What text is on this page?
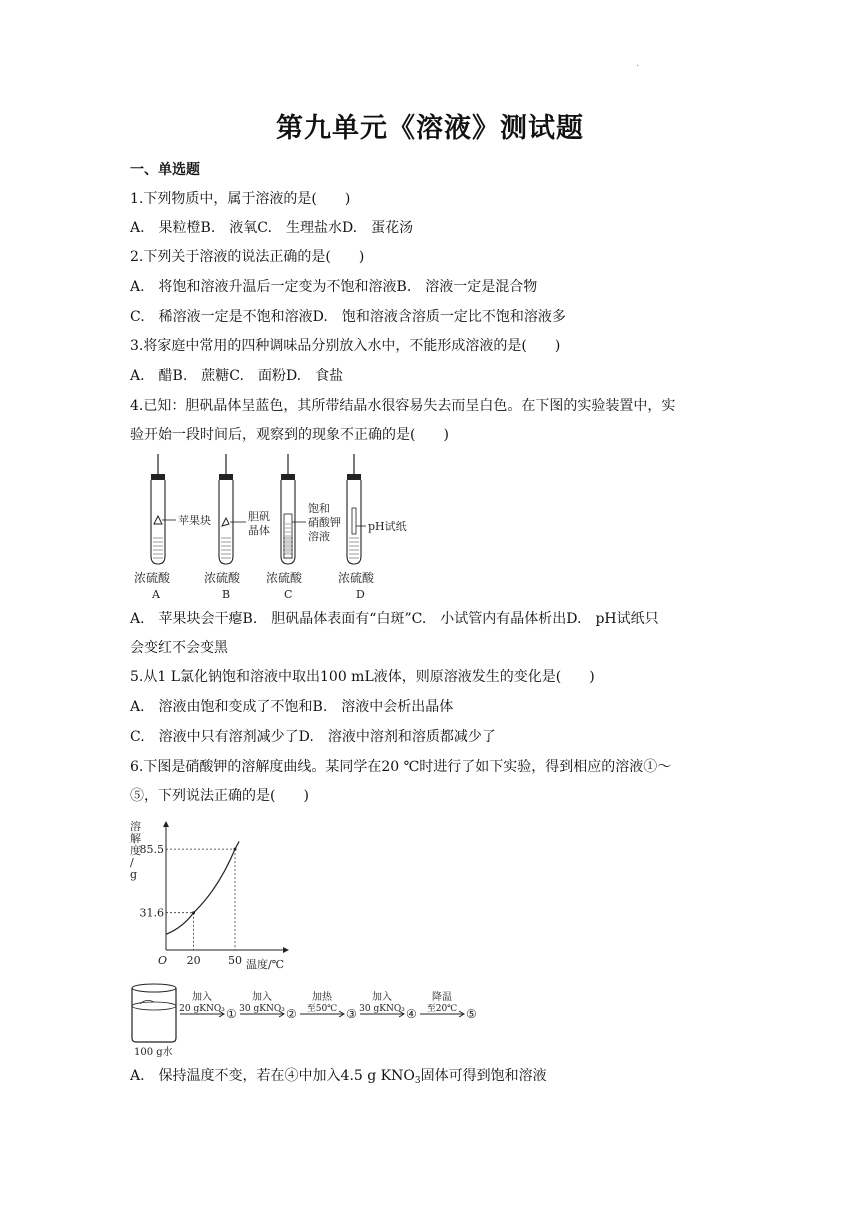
.
第九单元《溶液》测试题
一、单选题
1.下列物质中，属于溶液的是(　　)
A.　果粒橙B.　液氧C.　生理盐水D.　蛋花汤
2.下列关于溶液的说法正确的是(　　)
A.　将饱和溶液升温后一定变为不饱和溶液B.　溶液一定是混合物
C.　稀溶液一定是不饱和溶液D.　饱和溶液含溶质一定比不饱和溶液多
3.将家庭中常用的四种调味品分别放入水中，不能形成溶液的是(　　)
A.　醋B.　蔗糖C.　面粉D.　食盐
4.已知：胆矾晶体呈蓝色，其所带结晶水很容易失去而呈白色。在下图的实验装置中，实
验开始一段时间后，观察到的现象不正确的是(　　)
苹果块	胆矾
晶体
饱和
硝酸钾
溶液
pH试纸
浓硫酸	浓硫酸 浓硫酸	浓硫酸
A	B	C	D
A.　苹果块会干瘪B.　胆矾晶体表面有“白斑”C.　小试管内有晶体析出D.　pH试纸只
会变红不会变黑
5.从1 L氯化钠饱和溶液中取出100 mL液体，则原溶液发生的变化是(　　)
A.　溶液由饱和变成了不饱和B.　溶液中会析出晶体
C.　溶液中只有溶剂减少了D.　溶液中溶剂和溶质都减少了
6.下图是硝酸钾的溶解度曲线。某同学在20 ℃时进行了如下实验，得到相应的溶液①～
⑤，下列说法正确的是(　　)
溶
解
度
/
g
O	温度/℃
20
31.6
50
85.5
100 g水
加入
20 gKNO₃ ①
加入
30 gKNO₃ ②
加热
至50℃ ③
加入
30 gKNO₃ ④
降温
至20℃ ⑤
A.　保持温度不变，若在④中加入4.5 g $KNO_3$固体可得到饱和溶液
